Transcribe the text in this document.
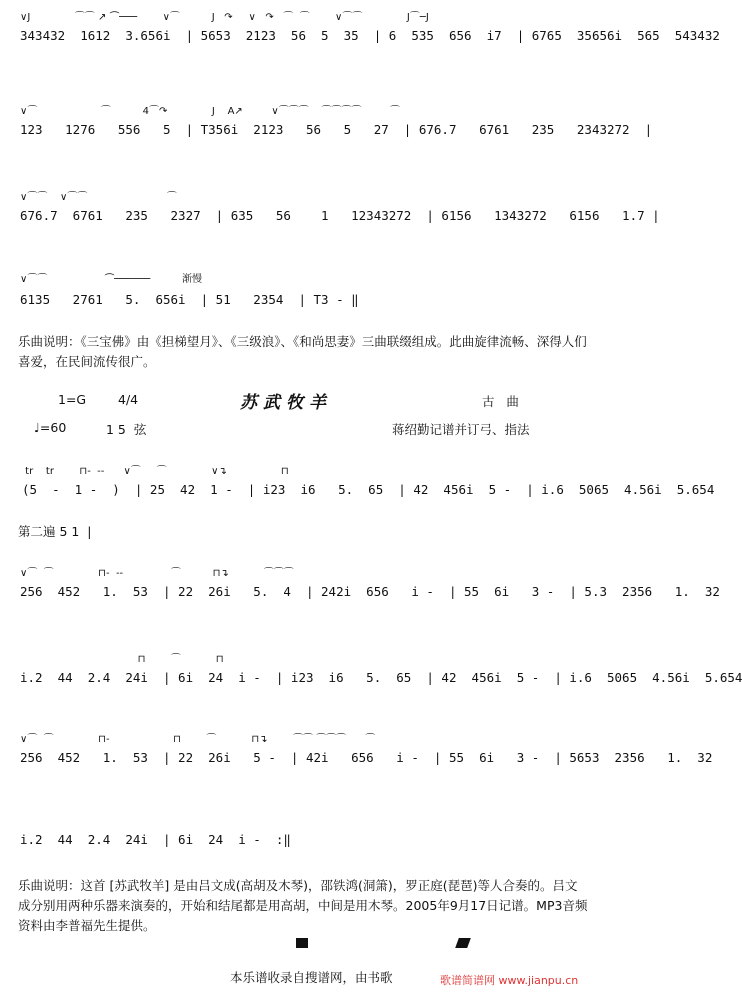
∨J              ⌒⌒ ↗ ⏜───        ∨⌒          J   ↷     ∨   ↷   ⌒  ⌒        ∨⌒⌒              J⌒─J
343432  1612  3.656i  | 5653  2123  56  5  35  | 6  535  656  i7  | 6765  35656i  565  543432
∨⌒                    ⌒          4⌒↷              J    A↗         ∨⌒⌒⌒    ⌒⌒⌒⌒         ⌒
123   1276   556   5  | T356i  2123   56   5   27  | 676.7   6761   235   2343272  |
∨⌒⌒    ∨⌒⌒                         ⌒
676.7  6761   235   2327  | 635   56    1   12343272  | 6156   1343272   6156   1.7 |
∨⌒⌒                  ⏜──────          渐慢
6135   2761   5.  656i  | 51   2354  | T3 - ‖
乐曲说明：《三宝佛》由《担梯望月》、《三级浪》、《和尚思妻》三曲联缀组成。此曲旋律流畅、深得人们喜爱，在民间流传很广。
1=G	4/4	苏武牧羊	古   曲
♩=60	1 5  弦	蒋绍勤记谱并订弓、指法
tr    tr        ⊓-  --      ∨⌒     ⌒              ∨↴                 ⊓
(5  -  1 -  )  | 25  42  1 -  | i23  i6   5.  65  | 42  456i  5 -  | i.6  5065  4.56i  5.654
第二遍 5 1  |
∨⌒  ⌒              ⊓-  --               ⌒          ⊓↴           ⌒⌒⌒
256  452   1.  53  | 22  26i   5.  4  | 242i  656   i -  | 55  6i   3 -  | 5.3  2356   1.  32
⊓        ⌒           ⊓
i.2  44  2.4  24i  | 6i  24  i -  | i23  i6   5.  65  | 42  456i  5 -  | i.6  5065  4.56i  5.654
∨⌒  ⌒              ⊓-                    ⊓        ⌒           ⊓↴        ⌒⌒ ⌒⌒⌒      ⌒
256  452   1.  53  | 22  26i   5 -  | 42i   656   i -  | 55  6i   3 -  | 5653  2356   1.  32
i.2  44  2.4  24i  | 6i  24  i -  :‖
乐曲说明：这首 [苏武牧羊] 是由吕文成(高胡及木琴)，邵铁鸿(洞箫)，罗正庭(琵琶)等人合奏的。吕文成分别用两种乐器来演奏的，开始和结尾都是用高胡，中间是用木琴。2005年9月17日记谱。MP3音频资料由李普福先生提供。
本乐谱收录自搜谱网，由书歌	歌谱简谱网 www.jianpu.cn
